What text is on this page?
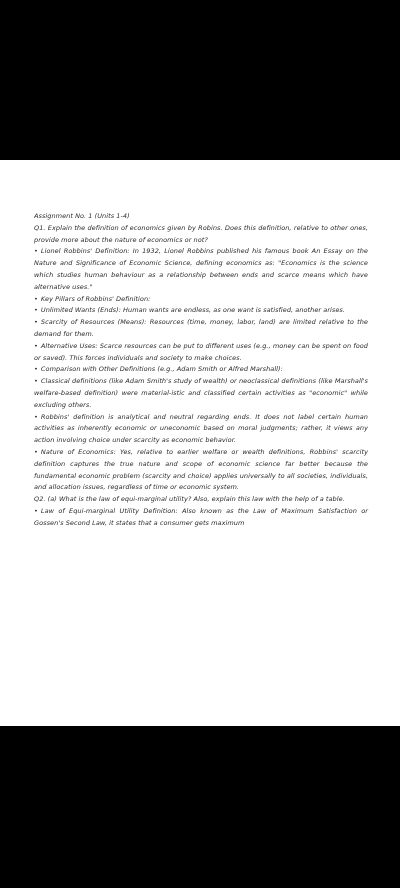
Assignment No. 1 (Units 1-4)

Q1. Explain the definition of economics given by Robins. Does this definition, relative to other ones, provide more about the nature of economics or not?

• Lionel Robbins' Definition: In 1932, Lionel Robbins published his famous book An Essay on the Nature and Significance of Economic Science, defining economics as: "Economics is the science which studies human behaviour as a relationship between ends and scarce means which have alternative uses."

• Key Pillars of Robbins' Definition:

• Unlimited Wants (Ends): Human wants are endless, as one want is satisfied, another arises.

• Scarcity of Resources (Means): Resources (time, money, labor, land) are limited relative to the demand for them.

• Alternative Uses: Scarce resources can be put to different uses (e.g., money can be spent on food or saved). This forces individuals and society to make choices.

• Comparison with Other Definitions (e.g., Adam Smith or Alfred Marshall):

• Classical definitions (like Adam Smith's study of wealth) or neoclassical definitions (like Marshall's welfare-based definition) were material-istic and classified certain activities as "economic" while excluding others.

• Robbins' definition is analytical and neutral regarding ends. It does not label certain human activities as inherently economic or uneconomic based on moral judgments; rather, it views any action involving choice under scarcity as economic behavior.

• Nature of Economics: Yes, relative to earlier welfare or wealth definitions, Robbins' scarcity definition captures the true nature and scope of economic science far better because the fundamental economic problem (scarcity and choice) applies universally to all societies, individuals, and allocation issues, regardless of time or economic system.

Q2. (a) What is the law of equi-marginal utility? Also, explain this law with the help of a table.

• Law of Equi-marginal Utility Definition: Also known as the Law of Maximum Satisfaction or Gossen's Second Law, it states that a consumer gets maximum
